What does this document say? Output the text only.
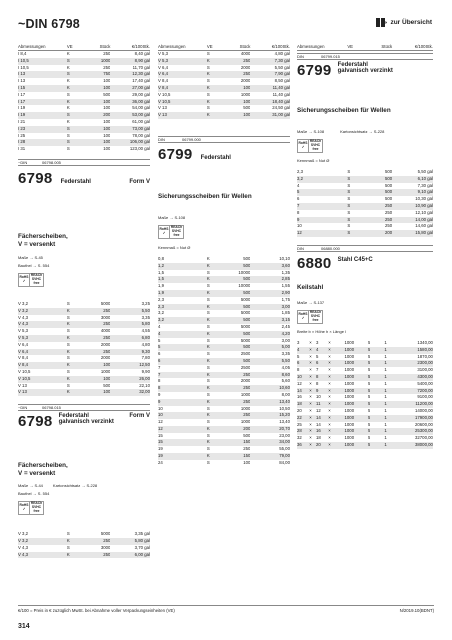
~DIN 6798	zur Übersicht
Abmessungen	VE	Stück	€/100Stk.
I 8,4	K	250	8,40 gal
I 10,5	S	1000	8,90 gal
I 10,5	K	250	11,70 gal
I 13	S	750	12,30 gal
I 13	K	100	17,40 gal
I 15	K	100	27,00 gal
I 17	S	500	29,00 gal
I 17	K	100	36,00 gal
I 19	K	100	54,00 gal
I 19	S	200	53,00 gal
I 21	K	100	61,00 gal
I 23	S	100	73,00 gal
I 25	S	100	78,00 gal
I 28	S	100	106,00 gal
I 31	S	100	123,00 gal
~DIN	06798.005
6798 Federstahl	Form V
Fächerscheiben,
V = versenkt
Maße → S-45
Bauthel → S. 554
RoHS
✓
REACh SVHC free
V 3,2	S	5000	3,25
V 3,2	K	250	5,50
V 4,3	S	3000	3,35
V 4,3	K	250	5,80
V 5,3	S	4000	4,55
V 5,3	K	250	6,80
V 6,4	S	2000	4,80
V 6,4	K	250	9,30
V 8,4	S	2000	7,80
V 8,4	K	100	12,50
V 10,5	S	1000	9,90
V 10,5	K	100	26,00
V 13	S	500	22,10
V 13	K	100	32,00
~DIN	06798.015
6798 Federstahl	Form V
galvanisch verzinkt
Fächerscheiben,
V = versenkt
Maße → S-44	Kartonsichtsatz → S-228
Bauthel → S. 554
RoHS
✓
REACh SVHC free
V 3,2	S	5000	3,35 gal
V 3,2	K	250	5,80 gal
V 4,3	S	3000	3,70 gal
V 4,3	K	250	6,00 gal
Abmessungen	VE	Stück	€/100Stk.
V 5,3	S	4000	4,80 gal
V 5,3	K	250	7,30 gal
V 6,4	S	2000	5,50 gal
V 6,4	K	250	7,90 gal
V 8,4	S	2000	8,50 gal
V 8,4	K	100	11,40 gal
V 10,5	S	1000	11,40 gal
V 10,5	K	100	18,40 gal
V 13	S	500	24,50 gal
V 13	K	100	31,00 gal
DIN	06799.000
6799 Federstahl
Sicherungsscheiben für Wellen
Maße → S-108
RoHS
✓
REACh SVHC free
Kennmaß = Nut Ø
0,8	K	500	10,10
1,2	K	500	3,60
1,5	S	10000	1,35
1,5	K	500	2,85
1,9	S	10000	1,55
1,9	K	500	2,90
2,3	S	5000	1,75
2,3	K	500	3,00
3,2	S	5000	1,85
3,2	K	500	3,15
4	S	5000	2,45
4	K	500	4,20
5	S	5000	3,00
5	K	500	5,00
6	S	2500	3,35
6	K	500	5,50
7	S	2500	4,05
7	K	250	8,60
8	S	2000	5,60
8	K	250	10,60
9	S	1000	8,00
9	K	250	13,40
10	S	1000	10,50
10	K	250	15,20
12	S	1000	13,40
12	K	200	20,70
15	S	500	23,00
15	K	150	34,00
19	S	250	55,00
19	K	150	79,00
24	S	100	84,00
Abmessungen	VE	Stück	€/100Stk.
DIN	06799.015
6799 Federstahl
galvanisch verzinkt
Sicherungsscheiben für Wellen
Maße → S-108	Kartonsichtsatz → S-228
RoHS
✓
REACh SVHC free
Kennmaß = Nut Ø
2,3	S	500	5,50 gal
3,2	S	500	6,10 gal
4	S	500	7,30 gal
5	S	500	9,10 gal
6	S	500	10,30 gal
7	S	250	10,90 gal
8	S	250	12,10 gal
9	S	250	14,00 gal
10	S	250	14,60 gal
12	S	200	15,80 gal
DIN	06880.000
6880 Stahl C45+C
Keilstahl
Maße → S-137
RoHS
✓
REACh SVHC free
Breite b × Höhe h × Länge l
3	× 3	×	1000	5	1	1340,00
4	× 4	×	1000	5	1	1580,00
5	× 5	×	1000	5	1	1870,00
6	× 6	×	1000	5	1	2300,00
8	× 7	×	1000	5	1	3100,00
10	× 8	×	1000	5	1	4300,00
12	× 8	×	1000	5	1	5400,00
14	× 9	×	1000	5	1	7200,00
16	× 10	×	1000	5	1	9100,00
18	× 11	×	1000	5	1	11200,00
20	× 12	×	1000	5	1	14000,00
22	× 14	×	1000	5	1	17900,00
25	× 14	×	1000	5	1	20600,00
28	× 16	×	1000	5	1	25300,00
32	× 18	×	1000	5	1	32700,00
36	× 20	×	1000	5	1	38000,00
€/100 = Preis in € zuzüglich MwSt. bei Abnahme voller Verpackungseinheiten (VE)	N/2019.10(BDNT)
314
